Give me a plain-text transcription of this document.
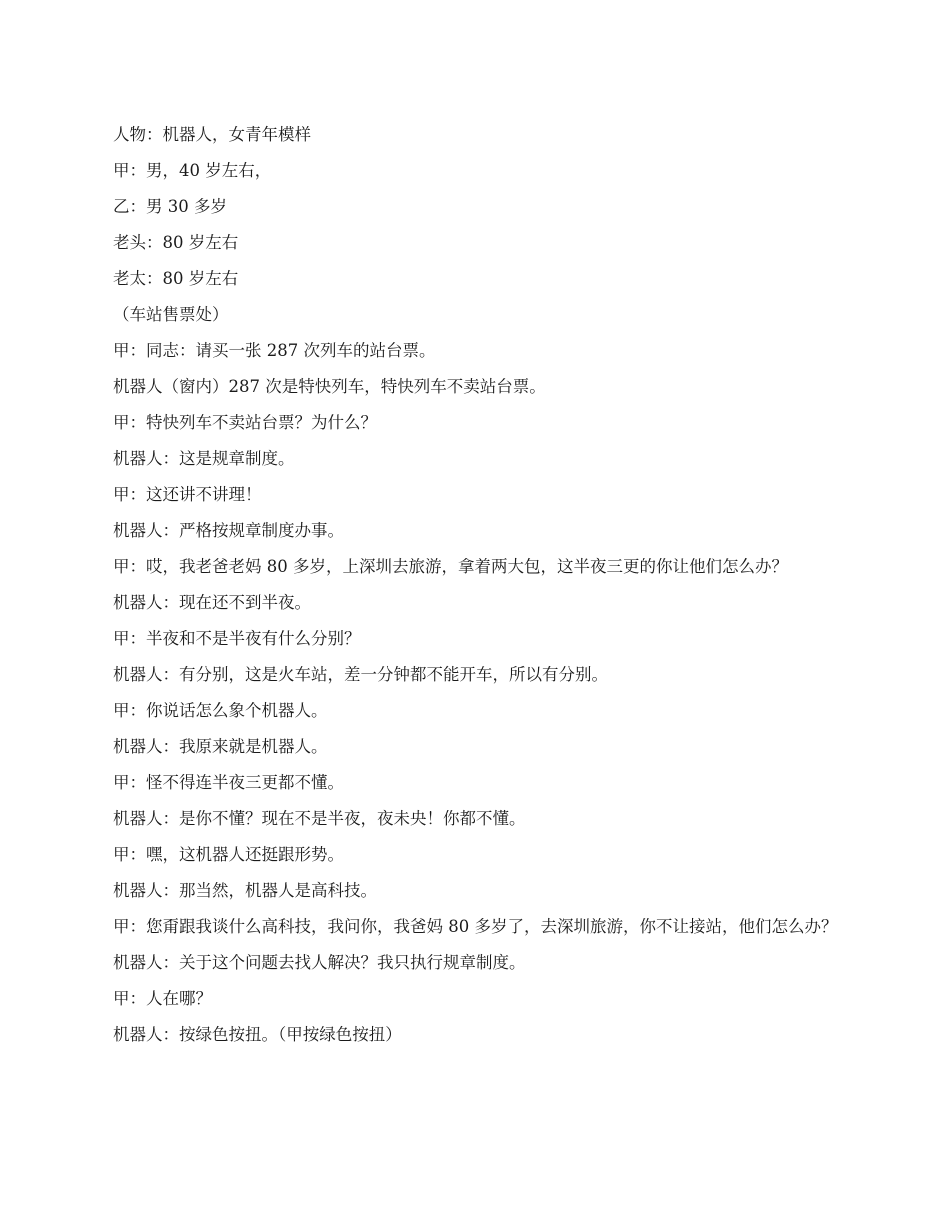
人物：机器人，女青年模样

甲：男，40 岁左右，

乙：男 30 多岁

老头：80 岁左右

老太：80 岁左右

（车站售票处）

甲：同志：请买一张 287 次列车的站台票。

机器人（窗内）287 次是特快列车，特快列车不卖站台票。

甲：特快列车不卖站台票？为什么？

机器人：这是规章制度。

甲：这还讲不讲理！

机器人：严格按规章制度办事。

甲：哎，我老爸老妈 80 多岁，上深圳去旅游，拿着两大包，这半夜三更的你让他们怎么办？

机器人：现在还不到半夜。

甲：半夜和不是半夜有什么分别？

机器人：有分别，这是火车站，差一分钟都不能开车，所以有分别。

甲：你说话怎么象个机器人。

机器人：我原来就是机器人。

甲：怪不得连半夜三更都不懂。

机器人：是你不懂？现在不是半夜，夜未央！你都不懂。

甲：嘿，这机器人还挺跟形势。

机器人：那当然，机器人是高科技。

甲：您甭跟我谈什么高科技，我问你，我爸妈 80 多岁了，去深圳旅游，你不让接站，他们怎么办？

机器人：关于这个问题去找人解决？我只执行规章制度。

甲：人在哪？

机器人：按绿色按扭。（甲按绿色按扭）
